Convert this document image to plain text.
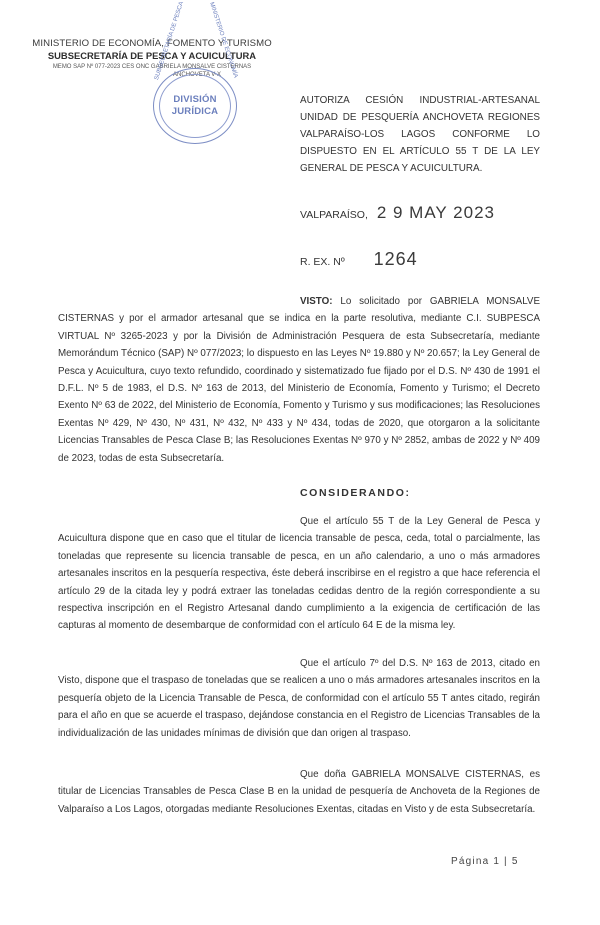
MINISTERIO DE ECONOMÍA, FOMENTO Y TURISMO
SUBSECRETARÍA DE PESCA Y ACUICULTURA
MEMO SAP Nº 077-2023 CES ONC GABRIELA MONSALVE CISTERNAS
ANCHOVETA V-X
SUBSECRETARÍA DE PESCA	MINISTERIO DE ECONOMÍA
DIVISIÓN
JURÍDICA
AUTORIZA CESIÓN INDUSTRIAL-ARTESANAL UNIDAD DE PESQUERÍA ANCHOVETA REGIONES VALPARAÍSO-LOS LAGOS CONFORME LO DISPUESTO EN EL ARTÍCULO 55 T DE LA LEY GENERAL DE PESCA Y ACUICULTURA.
VALPARAÍSO, 2 9 MAY 2023
R. EX. Nº 1264
VISTO: Lo solicitado por GABRIELA MONSALVE CISTERNAS y por el armador artesanal que se indica en la parte resolutiva, mediante C.I. SUBPESCA VIRTUAL Nº 3265-2023 y por la División de Administración Pesquera de esta Subsecretaría, mediante Memorándum Técnico (SAP) Nº 077/2023; lo dispuesto en las Leyes Nº 19.880 y Nº 20.657; la Ley General de Pesca y Acuicultura, cuyo texto refundido, coordinado y sistematizado fue fijado por el D.S. Nº 430 de 1991 el D.F.L. Nº 5 de 1983, el D.S. Nº 163 de 2013, del Ministerio de Economía, Fomento y Turismo; el Decreto Exento Nº 63 de 2022, del Ministerio de Economía, Fomento y Turismo y sus modificaciones; las Resoluciones Exentas Nº 429, Nº 430, Nº 431, Nº 432, Nº 433 y Nº 434, todas de 2020, que otorgaron a la solicitante Licencias Transables de Pesca Clase B; las Resoluciones Exentas Nº 970 y Nº 2852, ambas de 2022 y Nº 409 de 2023, todas de esta Subsecretaría.
CONSIDERANDO:
Que el artículo 55 T de la Ley General de Pesca y Acuicultura dispone que en caso que el titular de licencia transable de pesca, ceda, total o parcialmente, las toneladas que represente su licencia transable de pesca, en un año calendario, a uno o más armadores artesanales inscritos en la pesquería respectiva, éste deberá inscribirse en el registro a que hace referencia el artículo 29 de la citada ley y podrá extraer las toneladas cedidas dentro de la región correspondiente a su respectiva inscripción en el Registro Artesanal dando cumplimiento a la exigencia de certificación de las capturas al momento de desembarque de conformidad con el artículo 64 E de la misma ley.
Que el artículo 7º del D.S. Nº 163 de 2013, citado en Visto, dispone que el traspaso de toneladas que se realicen a uno o más armadores artesanales inscritos en la pesquería objeto de la Licencia Transable de Pesca, de conformidad con el artículo 55 T antes citado, regirán para el año en que se acuerde el traspaso, dejándose constancia en el Registro de Licencias Transables de la individualización de las unidades mínimas de división que dan origen al traspaso.
Que doña GABRIELA MONSALVE CISTERNAS, es titular de Licencias Transables de Pesca Clase B en la unidad de pesquería de Anchoveta de la Regiones de Valparaíso a Los Lagos, otorgadas mediante Resoluciones Exentas, citadas en Visto y de esta Subsecretaría.
Página 1 | 5
